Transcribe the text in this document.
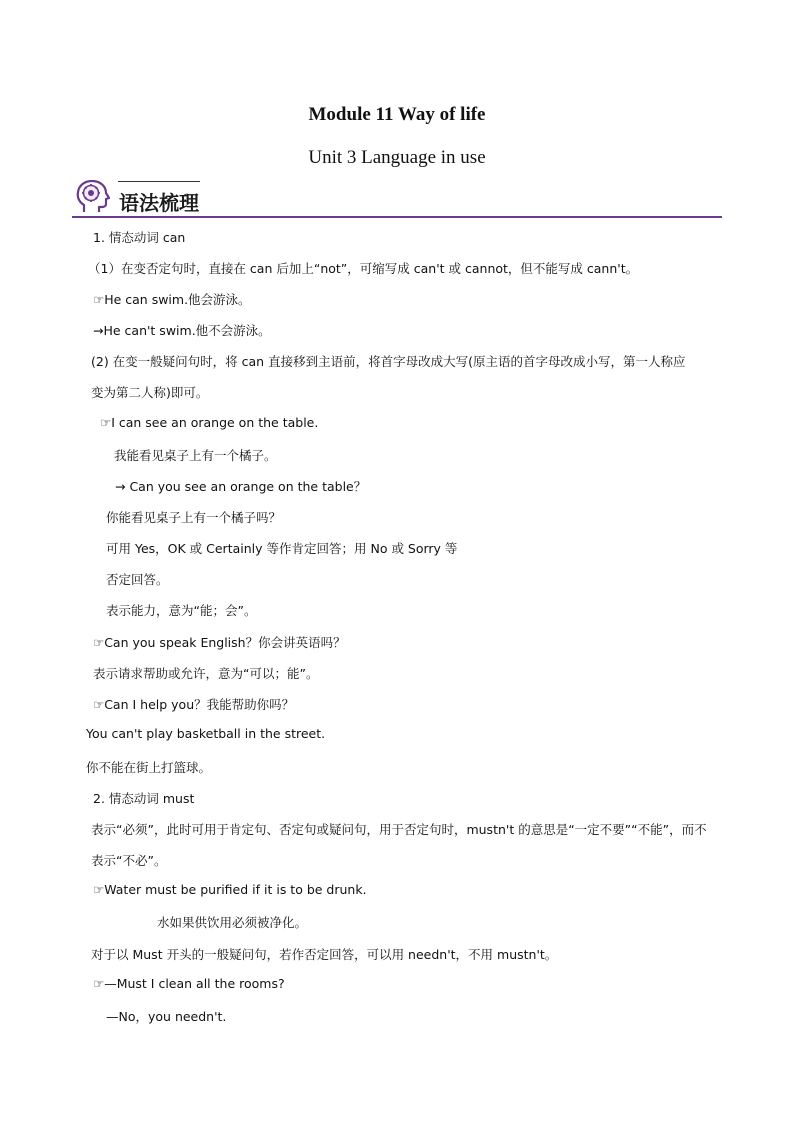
Module 11 Way of life
Unit 3 Language in use
语法梳理
1. 情态动词 can
（1）在变否定句时，直接在 can 后加上“not”，可缩写成 can't 或 cannot，但不能写成 cann't。
☞He can swim.他会游泳。
→He can't swim.他不会游泳。
(2) 在变一般疑问句时，将 can 直接移到主语前，将首字母改成大写(原主语的首字母改成小写，第一人称应
变为第二人称)即可。
☞I can see an orange on the table.
我能看见桌子上有一个橘子。
→ Can you see an orange on the table？
你能看见桌子上有一个橘子吗？
可用 Yes，OK 或 Certainly 等作肯定回答；用 No 或 Sorry 等
否定回答。
表示能力，意为“能；会”。
☞Can you speak English？你会讲英语吗？
表示请求帮助或允许，意为“可以；能”。
☞Can I help you？我能帮助你吗？
You can't play basketball in the street.
你不能在街上打篮球。
2. 情态动词 must
表示“必须”，此时可用于肯定句、否定句或疑问句，用于否定句时，mustn't 的意思是“一定不要”“不能”，而不
表示“不必”。
☞Water must be purified if it is to be drunk.
水如果供饮用必须被净化。
对于以 Must 开头的一般疑问句，若作否定回答，可以用 needn't，不用 mustn't。
☞—Must I clean all the rooms?
—No，you needn't.
